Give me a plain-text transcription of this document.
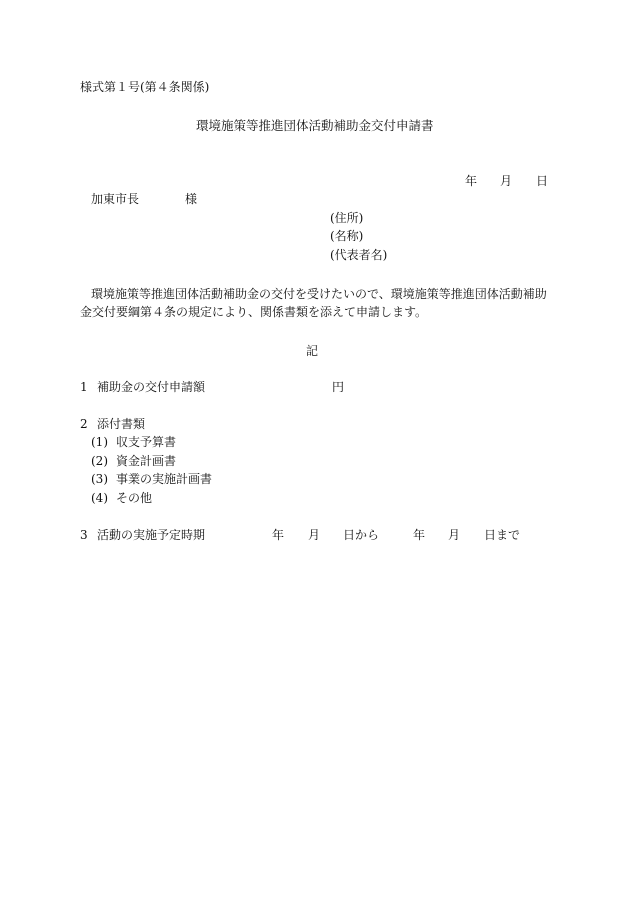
様式第１号(第４条関係)
環境施策等推進団体活動補助金交付申請書
年 月 日
加東市長	様
(住所)
(名称)
(代表者名)
環境施策等推進団体活動補助金の交付を受けたいので、環境施策等推進団体活動補助
金交付要綱第４条の規定により、関係書類を添えて申請します。
記
1 補助金の交付申請額	円
2 添付書類
(1) 収支予算書
(2) 資金計画書
(3) 事業の実施計画書
(4) その他
3 活動の実施予定時期	年 月 日から	年 月 日まで
